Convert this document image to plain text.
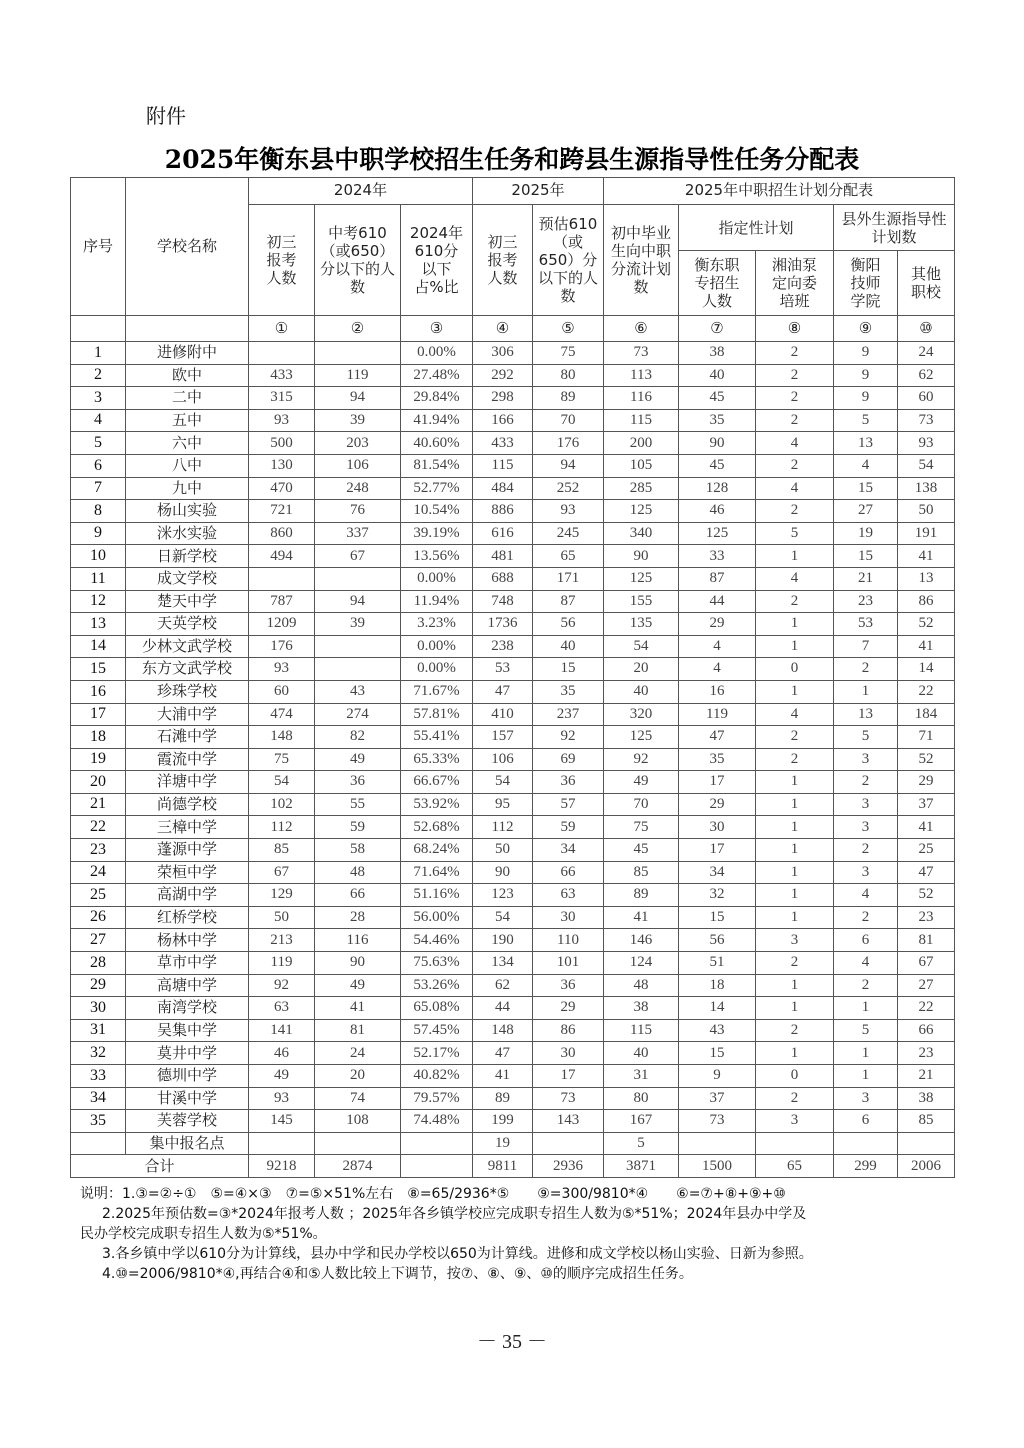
附件
2025年衡东县中职学校招生任务和跨县生源指导性任务分配表
序号	学校名称	2024年			2025年		2025年中职招生计划分配表				
		初三报考人数	中考610（或650）分以下的人数	2024年610分以下占%比	初三报考人数	预估610（或650）分以下的人数	初中毕业生向中职分流计划数	指定性计划		县外生源指导性计划数	
								衡东职专招生人数	湘油泵定向委培班	衡阳技师学院	其他职校
		①	②	③	④	⑤	⑥	⑦	⑧	⑨	⑩
1	进修附中			0.00%	306	75	73	38	2	9	24
2	欧中	433	119	27.48%	292	80	113	40	2	9	62
3	二中	315	94	29.84%	298	89	116	45	2	9	60
4	五中	93	39	41.94%	166	70	115	35	2	5	73
5	六中	500	203	40.60%	433	176	200	90	4	13	93
6	八中	130	106	81.54%	115	94	105	45	2	4	54
7	九中	470	248	52.77%	484	252	285	128	4	15	138
8	杨山实验	721	76	10.54%	886	93	125	46	2	27	50
9	洣水实验	860	337	39.19%	616	245	340	125	5	19	191
10	日新学校	494	67	13.56%	481	65	90	33	1	15	41
11	成文学校			0.00%	688	171	125	87	4	21	13
12	楚天中学	787	94	11.94%	748	87	155	44	2	23	86
13	天英学校	1209	39	3.23%	1736	56	135	29	1	53	52
14	少林文武学校	176		0.00%	238	40	54	4	1	7	41
15	东方文武学校	93		0.00%	53	15	20	4	0	2	14
16	珍珠学校	60	43	71.67%	47	35	40	16	1	1	22
17	大浦中学	474	274	57.81%	410	237	320	119	4	13	184
18	石滩中学	148	82	55.41%	157	92	125	47	2	5	71
19	霞流中学	75	49	65.33%	106	69	92	35	2	3	52
20	洋塘中学	54	36	66.67%	54	36	49	17	1	2	29
21	尚德学校	102	55	53.92%	95	57	70	29	1	3	37
22	三樟中学	112	59	52.68%	112	59	75	30	1	3	41
23	蓬源中学	85	58	68.24%	50	34	45	17	1	2	25
24	荣桓中学	67	48	71.64%	90	66	85	34	1	3	47
25	高湖中学	129	66	51.16%	123	63	89	32	1	4	52
26	红桥学校	50	28	56.00%	54	30	41	15	1	2	23
27	杨林中学	213	116	54.46%	190	110	146	56	3	6	81
28	草市中学	119	90	75.63%	134	101	124	51	2	4	67
29	高塘中学	92	49	53.26%	62	36	48	18	1	2	27
30	南湾学校	63	41	65.08%	44	29	38	14	1	1	22
31	吴集中学	141	81	57.45%	148	86	115	43	2	5	66
32	莫井中学	46	24	52.17%	47	30	40	15	1	1	23
33	德圳中学	49	20	40.82%	41	17	31	9	0	1	21
34	甘溪中学	93	74	79.57%	89	73	80	37	2	3	38
35	芙蓉学校	145	108	74.48%	199	143	167	73	3	6	85
	集中报名点				19		5				
合计		9218	2874		9811	2936	3871	1500	65	299	2006

说明：1.③=②÷①　⑤=④×③　⑦=⑤×51%左右　⑧=65/2936*⑤　　⑨=300/9810*④　　⑥=⑦+⑧+⑨+⑩

2.2025年预估数=③*2024年报考人数 ；2025年各乡镇学校应完成职专招生人数为⑤*51%；2024年县办中学及

民办学校完成职专招生人数为⑤*51%。

3.各乡镇中学以610分为计算线，县办中学和民办学校以650为计算线。进修和成文学校以杨山实验、日新为参照。

4.⑩=2006/9810*④,再结合④和⑤人数比较上下调节，按⑦、⑧、⑨、⑩的顺序完成招生任务。

－ 35 －
